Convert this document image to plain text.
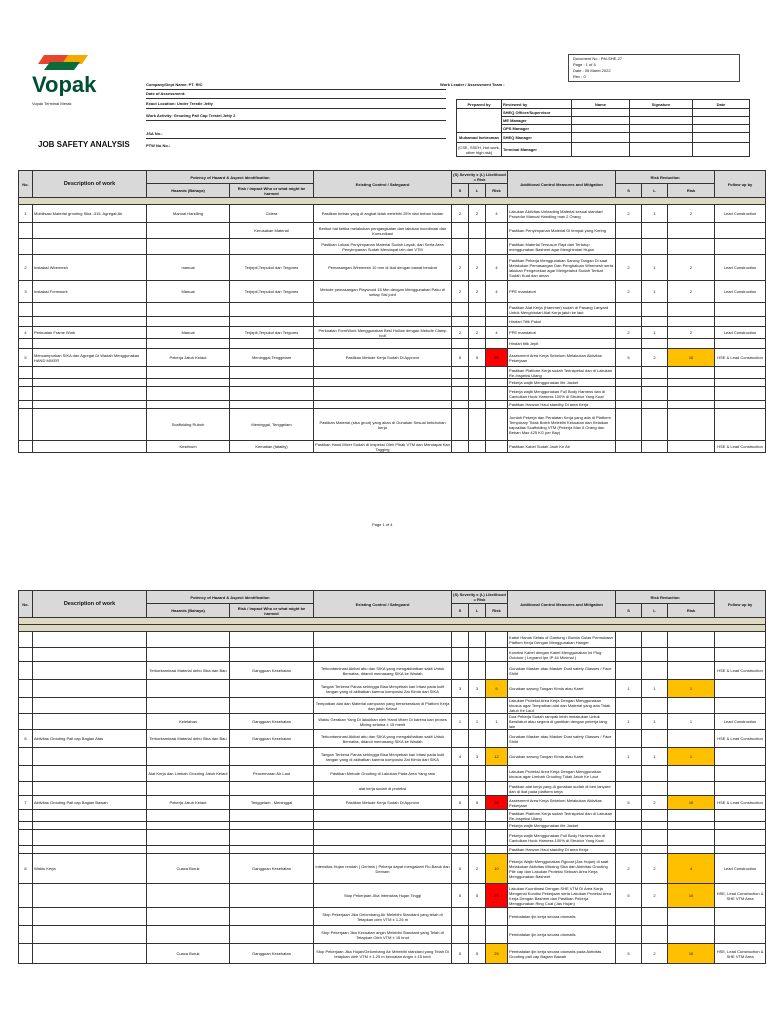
Vopak
Vopak Terminal Merak
Document No : PM-SHE-27
Page : 1 of 4
Date : 05 Maret 2022
Rev : 0
Company/Dept Name: PT. RIC	Work Leader / Assessment Team :
Date of Assessment:
Exact Location: Under Trestle Jetty
Work Activity: Grouting Pail Cap Trestel Jetty 2
JSA No.:
PTW No No.:
JOB SAFETY ANALYSIS
Prepared by	Reviewed by	Name	Signature	Date
	SHEQ Officer/Supervisor			
	ME Manager			
	OPS Manager			
Muhamad Isebroman	SHEQ Manager			
(CSE, SSEH, Hot work, other high risk)	Terminal Manager			
No.	Description of work	Potency of Hazard & Aspect Identification		Existing Control / Safeguard	(S) Severity x (L) Likelihood = Risk			Additional Control Measures and Mitigation	Risk Reduction			Follow up by
		Hazards (Bahaya)	Risk / Impact Who or what might be harmed		S	L	Risk		S	L	Risk	

1	Mobilisasi Material grouting Sika -315. Agregat,Air	Manual Handling	Cidera	Pastikan beban yang di angkat tidak melebihi 25% dari beban badan	2	2	4	Lakukan Aktivitas Unloading Material sesuai standart Prosedur Manual Handling max 2 Orang	2	1	2	Lead Construction
			Kerusakan Material	Berikut hal ketika melakukan pengangkatan dan lakukan koordinasi dan Komunikasi				Pastikan Penyimpanan Material Di tempat yang Kering				
				Pastikan Lokasi Penyimpanan Material Sudah Layak, dan Serta Area Penyimpanan Sudah Mendapat izin dari VTM				Pastikan Material Tersusun Rapi dan Tertutup menggunakan Basheet agar Menghindari Hujan				
2	Instalasi Wiremesh	manual	Terjepit,Terpukul dan Tergores	Pemasangan Wiremesh 10 mm di Ikat dengan bawat bendrat	2	2	4	Pastikan Pekerja Menggunakan Sarung Tangan Di saat Melakukan Pemasangan Dan Penghaluan Wiremesh serta lakukan Pengecekan agar Mengetahui Sudah Terikat Sudah Kuat dan aman	2	1	2	Lead Construction
3	Instalasi Formwork	Manual	Terjepit,Terpukul dan Tergores	Metode pemasangan Playwood 15 Mm dengan Menggunakan Paku di setiap Sisi joint	2	2	4	PPE mandatori	2	1	2	Lead Construction
								Pastikan Alat Kerja (Hammer) sudah di Pasang Lanyard Untuk Menghindari Alat Kerja jatuh ke laut				
								Hindari Titik Pukul				
4	Perkuatan Frame Work	Manual	Terjepit,Terpukul dan Tergores	Perkuatan FormWork Menggunakan Besi Hollow dengan Metode Clamp bolt	2	2	4	PPE mandatori	2	1	2	Lead Construction
								Hindari titik Jepit				
5	Mencampurkan SIKA dan Agregat Di Wadah Menggunakan HAND MIXER	Pekerja Jatuh Kelaut	Meninggal,Tenggelam	Pastikan Metode Kerja Sudah Di Approve	5	5	25	Assesment Area Kerja Sebelum Melakukan Aktivitas Pekerjaan	5	2	10	HSE & Lead Construction
								Pastikan Platform Kerja sudah Terinspeksi dan di Lakukan Re-Inspeksi Ulang				
								Pekerja wajib Menggunakan life Jacket				
								Pekerja wajib Menggunakan Full Body Harness dan di Cantolkan Hook Harness 100% di Struktur Yang Kuat				
								Pastikan Hanzun Haul standby Di area Kerja				
		Scaffolding Rubuh	Meninggal, Tenggelam	Pastikan Material (sika grout) yang akan di Gunakan Sesuai kebutuhan kerja				Jumlah Pekerja dan Peralatan Kerja yang ada di Platform Temporary Tidak Boleh Melebihi Kekuatan dan Kelaikan kapasitas Scaffolding VTM (Pekerja Max 6 Orang dan Beban Max 425 KG per Bay)				
		Kesetrum	Kematian (fatality)	Pastikan Hand Mixer Sudah di Inspeksi Oleh Pihak VTM dan Mendapat Kan Tagging				Pastikan Kabel Sudah Jauh Ke Air				HSE & Lead Construction
Page 1 of 4
No.	Description of work	Potency of Hazard & Aspect Identification		Existing Control / Safeguard	(S) Severity x (L) Likelihood = Risk			Additional Control Measures and Mitigation	Risk Reduction			Follow up by
		Hazards (Bahaya)	Risk / Impact Who or what might be harmed		S	L	Risk		S	L	Risk	

								Kabel Hanus Selalu di Gantung / Bunda Gulas Permukaan Platfom Kerja Dengan Menggunakan Hanger				
								Koneksi Kabel dengan Kabel Menggunakan Ini Plug Outdoor ( Legrand Ipe IP 44 Minimal )				
		Terkontaminasi Material debu Sika dan Bau	Gangguan Kesehatan	Terkontaminasi Akibat abu dan SIKA yang mengakibatkan sakit Untuk Bernafas, ditandi memasang SIKA ke Wadah				Gunakan Masker atau Masker Dust safety Glasses / Face Shild				HSE & Lead Construction
				Tangan Terkena Panas sehingga Bisa Menyebab kan Iritasi pada kulit tangan yang di akibatkan karena komposisi Zat Kimia dari SIKA	3	3	9	Gunakan sarung Tangan Kimia atau Karet	1	1	1	
				Tempatkan alat dan Material campuran yang berseserakan di Platfom Kerja dan jatuh Kelaut				Lakukan Proteksi Area Kerja Dengan Menggunakan khusus agar Tempatkan alat dan Material yang ada Tidak Jatuh Ke Laut				
		Kelelahan	Gangguan Kesehatan	Waktu Gerakan Yang Di lakukkan oleh Hand Mixer Di karena kan proses Mixing selama ± 15 menit	1	1	1	Dua Pekerja Sudah rampak lebih melakukan Untuk Bersilaturi atau segera di gantikan dengan pekerja lang lain	1	1	1	Lead Construction
6	Aktivitas Grouting Pail cap Bagian Atas	Terkontaminasi Material debu Sika dan Bau	Gangguan Kesehatan	Terkontaminasi Akibat abu dan SIKA yang mengakibatkan sakit Untuk Bernafas, ditandi memasang SIKA ke Wadah				Gunakan Masker atau Masker Dust safety Glasses / Face Shild				HSE & Lead Construction
				Tangan Terkena Panas sehingga Bisa Menyebab kan Iritasi pada kulit tangan yang di akibatkan karena komposisi Zat Kimia dari SIKA	4	3	12	Gunakan sarung Tangan Kimia atau Karet	1	1	1	
		Alat Kerja dan Limbah Grouting Jatuh Kelaut	Pencemaran Air Laut	Pastikan Metode Grouting di Lakukan Pada Area Yang rata				Lakukan Proteksi Area Kerja Dengan Menggunakan khusus agar Limbah Grouting Tidak Jatuh Ke Laut				
				alat kerja sudah di proteksi				Pastikan alat kerja yang di gunakan sudah di beri lanyard dan di ikat pada platform kerja				
7	Aktivitas Grouting Pail cap Bagian Bawah	Pekerja Jatuh Kelaut	Tenggelam , Meninggal	Pastikan Metode Kerja Sudah Di Approve	5	5	25	Assesment Area Kerja Sebelum Melakukan Aktivitas Pekerjaan	5	2	10	HSE & Lead Construction
								Pastikan Platform Kerja sudah Terinspeksi dan di Lakukan Re-Inspeksi Ulang				
								Pekerja wajib Menggunakan life Jacket				
								Pekerja wajib Menggunakan Full Body Harness dan di Cantolkan Hook Harness 100% di Struktur Yang Kuat				
								Pastikan Hanzun Haul standby Di area Kerja				
8	Waktu Kerja	Cuaca Buruk	Gangguan Kesehatan	Intensitas Hujan rendah ( Gerimis ) Pekerja dapat mengalami Flu,Batuk dan Demam	5	2	10	Pekerja Wajib Menggunakan Rgcoat (Jas Hujan) di saat Melakukan Aktivitas Missing Sika dan Aktivitas Grouting Pile cap dan Lakukan Proteksi Sebuah Area Kerja Menggunakan Basheet	2	2	4	Lead Construction
				Stop Pekerjaan Jika Intensitas Hujan Tinggi	5	5	25	Lakukan Koordinasi Dengan SHE VTM Di Area Kerja Mengenai Kondisi Pekerjaan serta Lakukan Proteksi Area Kerja Dengan Basheet dan Pastikan Pekerja Menggunakan Ring Coat (Jas Hujan)	5	2	10	HSE, Lead Construction & SHE VTM Area
				Stop Pekerjaan Jika Gelombang Air Melebihi Standard yang telah di Tetapkan oleh VTM ± 1.25 m				Pembatalan ijin kerja secara otomatis				
				Stop Pekerjaan Jika Kecuatan angin Melebihi Standard yang Telah di Tetapkan Oleh VTM ± 15 knot				Pembatalan ijin kerja secara otomatis				
		Cuaca Buruk	Gangguan Kesehatan	Stop Pekerjaan Jika Hujan/Gelombang Air Melebihi standard yang Telah Di tetapkan oleh VTM ± 1.25 m kecuatan Angin ± 15 knot	5	5	25	Pembatalan ijin kerja secara otomatis pada Aktivitas Grouting pail cap Bagian Bawah	5	2	10	HSE, Lead Construction & SHE VTM Area
